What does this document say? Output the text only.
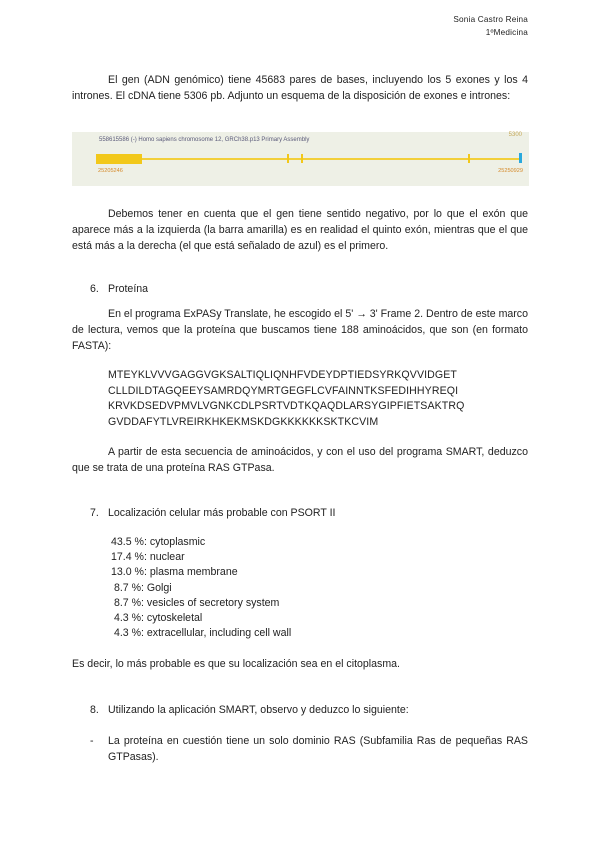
Sonia Castro Reina
1ºMedicina
El gen (ADN genómico) tiene 45683 pares de bases, incluyendo los 5 exones y los 4 intrones. El cDNA tiene 5306 pb. Adjunto un esquema de la disposición de exones e intrones:
558615586 (-) Homo sapiens chromosome 12, GRCh38.p13 Primary Assembly
5300
25205246	25250929
Debemos tener en cuenta que el gen tiene sentido negativo, por lo que el exón que aparece más a la izquierda (la barra amarilla) es en realidad el quinto exón, mientras que el que está más a la derecha (el que está señalado de azul) es el primero.
6. Proteína
En el programa ExPASy Translate, he escogido el 5' → 3' Frame 2. Dentro de este marco de lectura, vemos que la proteína que buscamos tiene 188 aminoácidos, que son (en formato FASTA):
MTEYKLVVVGAGGVGKSALTIQLIQNHFVDEYDPTIEDSYRKQVVIDGET
CLLDILDTAGQEEYSAMRDQYMRTGEGFLCVFAINNTKSFEDIHHYREQI
KRVKDSEDVPMVLVGNKCDLPSRTVDTKQAQDLARSYGIPFIETSAKTRQ
GVDDAFYTLVREIRKHKEKMSKDGKKKKKKSKTKCVIM
A partir de esta secuencia de aminoácidos, y con el uso del programa SMART, deduzco que se trata de una proteína RAS GTPasa.
7. Localización celular más probable con PSORT II
43.5 %: cytoplasmic
17.4 %: nuclear
13.0 %: plasma membrane
8.7 %: Golgi
8.7 %: vesicles of secretory system
4.3 %: cytoskeletal
4.3 %: extracellular, including cell wall
Es decir, lo más probable es que su localización sea en el citoplasma.
8. Utilizando la aplicación SMART, observo y deduzco lo siguiente:
- La proteína en cuestión tiene un solo dominio RAS (Subfamilia Ras de pequeñas RAS GTPasas).
